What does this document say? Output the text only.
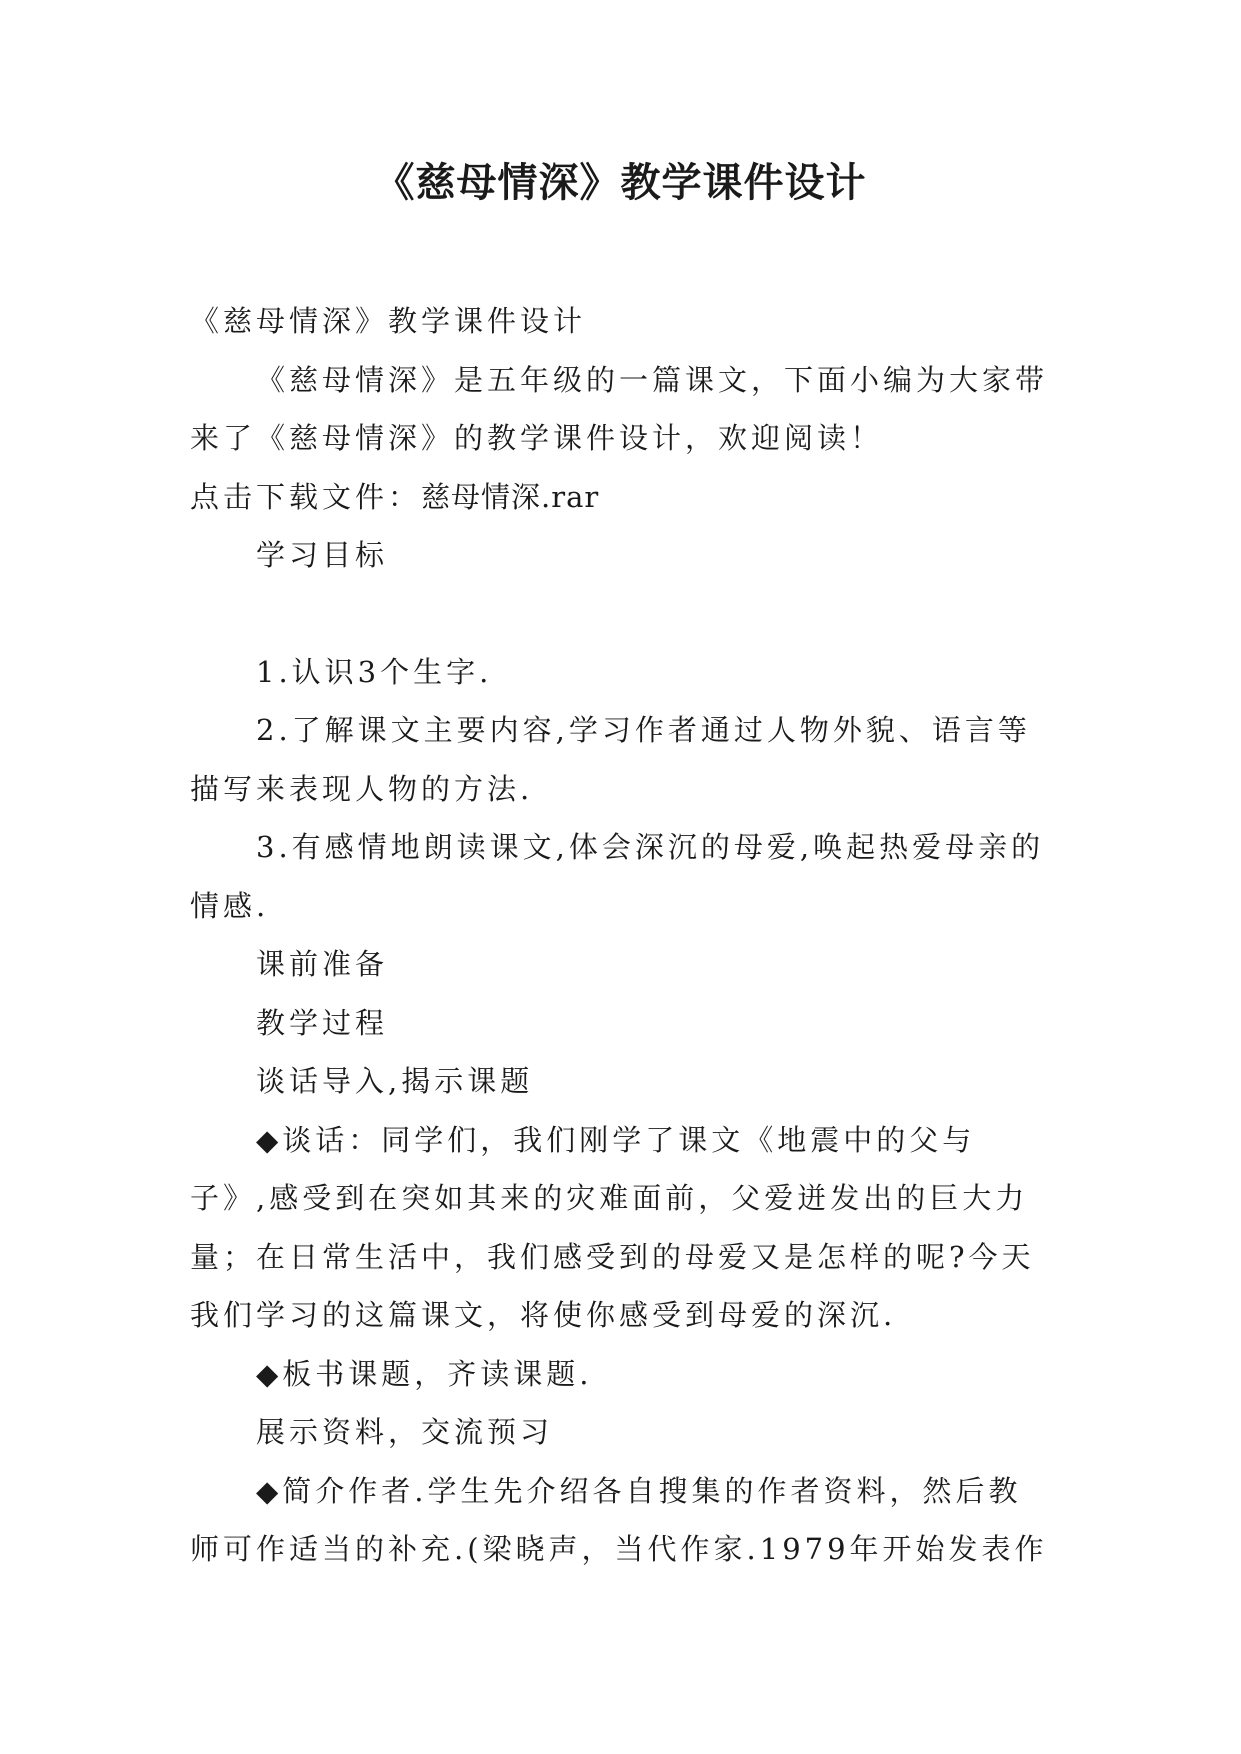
《慈母情深》教学课件设计

《慈母情深》教学课件设计

《慈母情深》是五年级的一篇课文，下面小编为大家带来了《慈母情深》的教学课件设计，欢迎阅读！

点击下载文件：慈母情深.rar

学习目标

1.认识3个生字.

2.了解课文主要内容,学习作者通过人物外貌、语言等描写来表现人物的方法.

3.有感情地朗读课文,体会深沉的母爱,唤起热爱母亲的情感.

课前准备

教学过程

谈话导入,揭示课题

◆谈话：同学们，我们刚学了课文《地震中的父与子》,感受到在突如其来的灾难面前，父爱迸发出的巨大力量；在日常生活中，我们感受到的母爱又是怎样的呢?今天我们学习的这篇课文，将使你感受到母爱的深沉.

◆板书课题，齐读课题.

展示资料，交流预习

◆简介作者.学生先介绍各自搜集的作者资料，然后教师可作适当的补充.(梁晓声，当代作家.1979年开始发表作
